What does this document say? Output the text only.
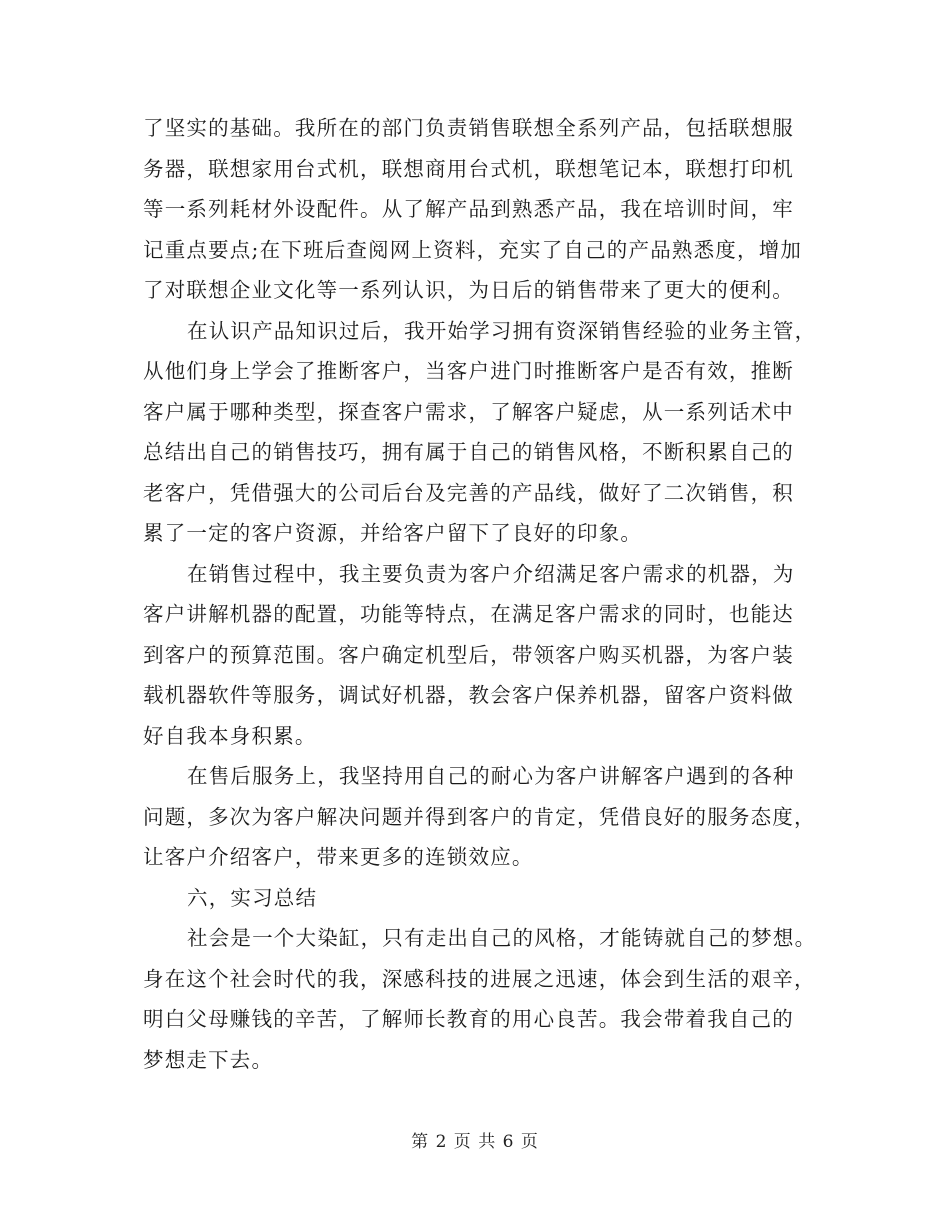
了坚实的基础。我所在的部门负责销售联想全系列产品，包括联想服
务器，联想家用台式机，联想商用台式机，联想笔记本，联想打印机
等一系列耗材外设配件。从了解产品到熟悉产品，我在培训时间，牢
记重点要点;在下班后查阅网上资料，充实了自己的产品熟悉度，增加
了对联想企业文化等一系列认识，为日后的销售带来了更大的便利。
在认识产品知识过后，我开始学习拥有资深销售经验的业务主管，
从他们身上学会了推断客户，当客户进门时推断客户是否有效，推断
客户属于哪种类型，探查客户需求，了解客户疑虑，从一系列话术中
总结出自己的销售技巧，拥有属于自己的销售风格，不断积累自己的
老客户，凭借强大的公司后台及完善的产品线，做好了二次销售，积
累了一定的客户资源，并给客户留下了良好的印象。
在销售过程中，我主要负责为客户介绍满足客户需求的机器，为
客户讲解机器的配置，功能等特点，在满足客户需求的同时，也能达
到客户的预算范围。客户确定机型后，带领客户购买机器，为客户装
载机器软件等服务，调试好机器，教会客户保养机器，留客户资料做
好自我本身积累。
在售后服务上，我坚持用自己的耐心为客户讲解客户遇到的各种
问题，多次为客户解决问题并得到客户的肯定，凭借良好的服务态度，
让客户介绍客户，带来更多的连锁效应。
六，实习总结
社会是一个大染缸，只有走出自己的风格，才能铸就自己的梦想。
身在这个社会时代的我，深感科技的进展之迅速，体会到生活的艰辛，
明白父母赚钱的辛苦，了解师长教育的用心良苦。我会带着我自己的
梦想走下去。
第 2 页 共 6 页
